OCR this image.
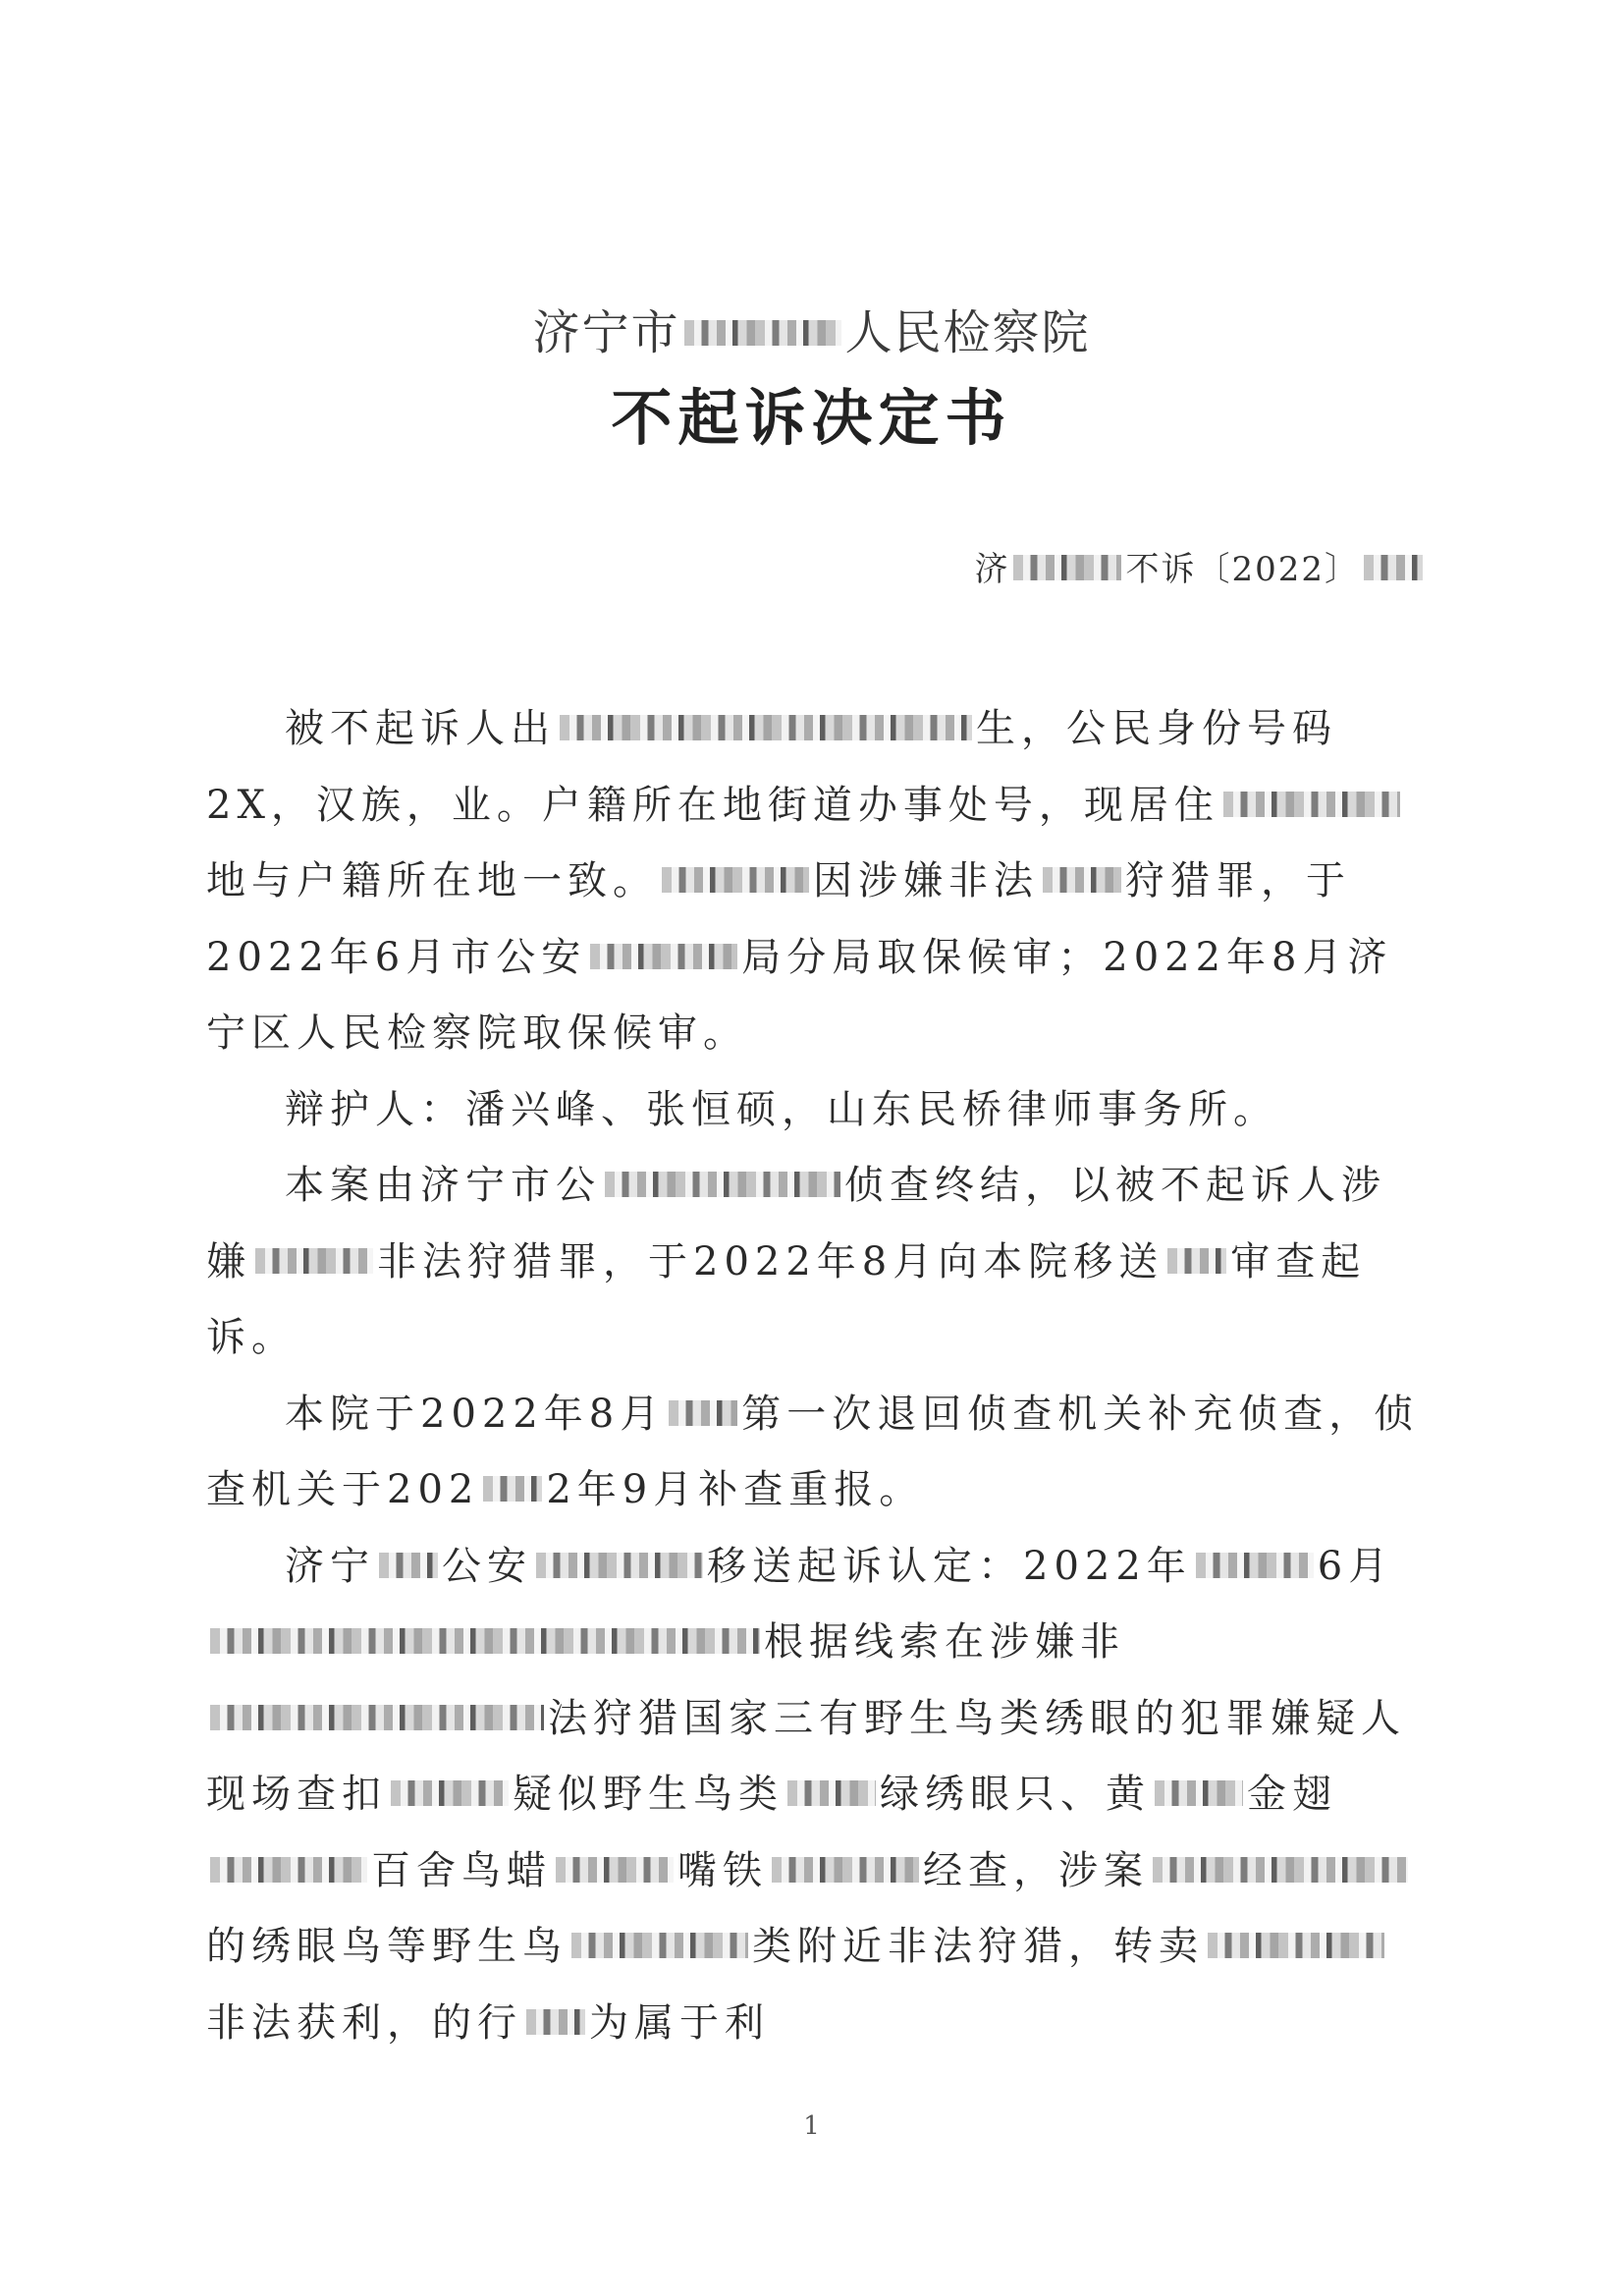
济宁市	人民检察院
不起诉决定书
济	不诉〔2022〕

被不起诉人出	生，公民身份号码2X，汉族，业。户籍所在地街道办事处号，现居住地与户籍所在地一致。	因涉嫌非法 狩猎罪，于2022年6月市公安	局分局取保候审；2022年8月济宁区人民检察院取保候审。

辩护人：潘兴峰、张恒硕，山东民桥律师事务所。

本案由济宁市公	侦查终结，以被不起诉人涉嫌	非法狩猎罪，于2022年8月向本院移送 审查起诉。

本院于2022年8月 第一次退回侦查机关补充侦查，侦查机关于202 2年9月补查重报。

济宁 公安	移送起诉认定：2022年	6月根据线索在涉嫌非法狩猎国家三有野生鸟类绣眼的犯罪嫌疑人现场查扣	疑似野生鸟类 绿绣眼只、黄 金翅百舍鸟蜡	嘴铁	经查，涉案的绣眼鸟等野生鸟	类附近非法狩猎，转卖非法获利，的行 为属于利

1
